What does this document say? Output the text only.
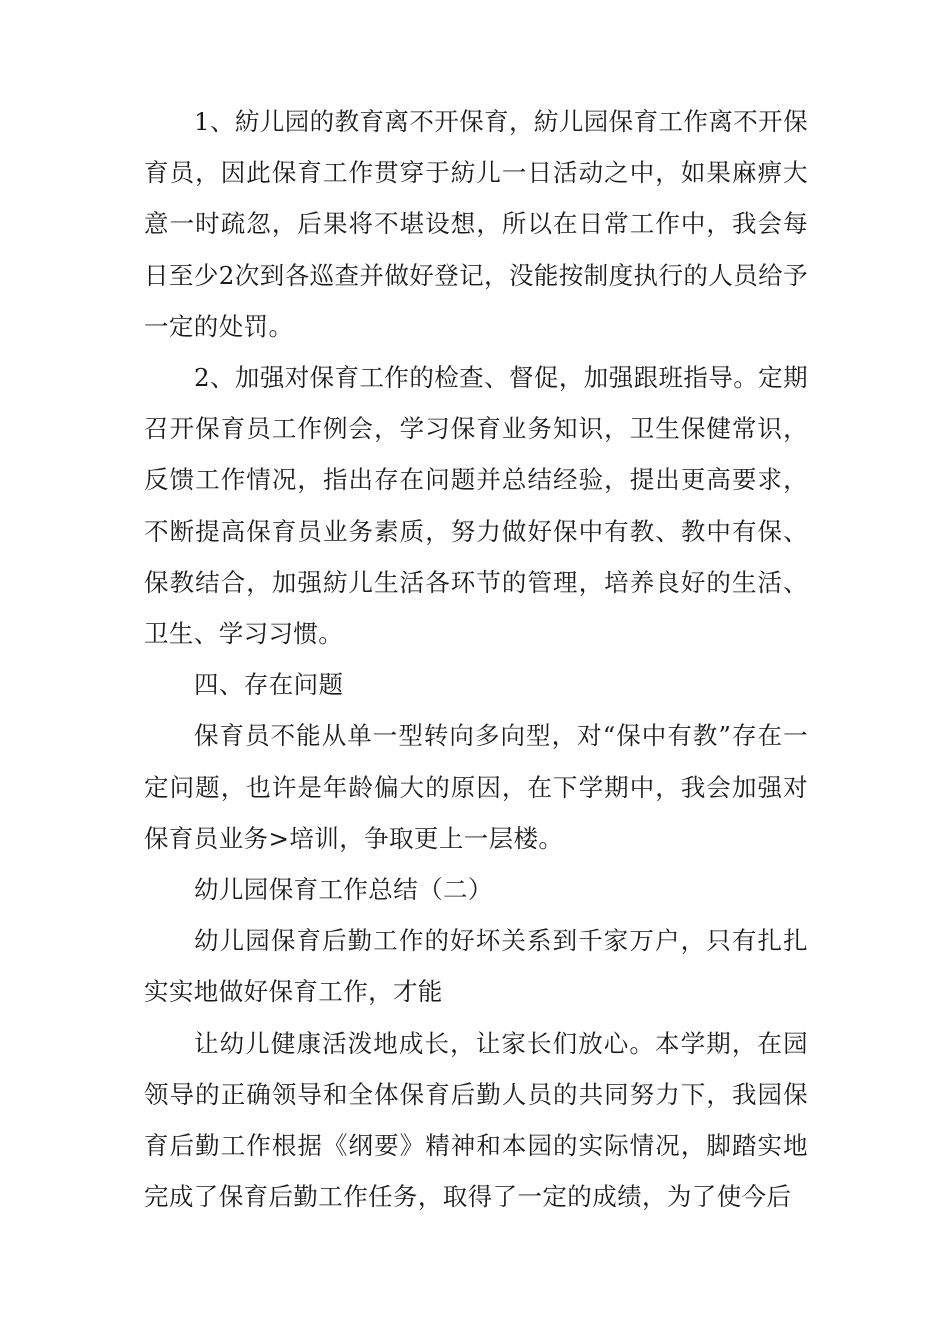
1、紡儿园的教育离不开保育，紡儿园保育工作离不开保育员，因此保育工作贯穿于紡儿一日活动之中，如果麻痹大意一时疏忽，后果将不堪设想，所以在日常工作中，我会每日至少2次到各巡查并做好登记，没能按制度执行的人员给予一定的处罚。

2、加强对保育工作的检查、督促，加强跟班指导。定期召开保育员工作例会，学习保育业务知识，卫生保健常识，反馈工作情况，指出存在问题并总结经验，提出更高要求，不断提高保育员业务素质，努力做好保中有教、教中有保、保教结合，加强紡儿生活各环节的管理，培养良好的生活、卫生、学习习惯。

四、存在问题

保育员不能从单一型转向多向型，对“保中有教”存在一定问题，也许是年龄偏大的原因，在下学期中，我会加强对保育员业务>培训，争取更上一层楼。

幼儿园保育工作总结（二）

幼儿园保育后勤工作的好坏关系到千家万户，只有扎扎实实地做好保育工作，才能

让幼儿健康活泼地成长，让家长们放心。本学期，在园领导的正确领导和全体保育后勤人员的共同努力下，我园保育后勤工作根据《纲要》精神和本园的实际情况，脚踏实地完成了保育后勤工作任务，取得了一定的成绩，为了使今后
